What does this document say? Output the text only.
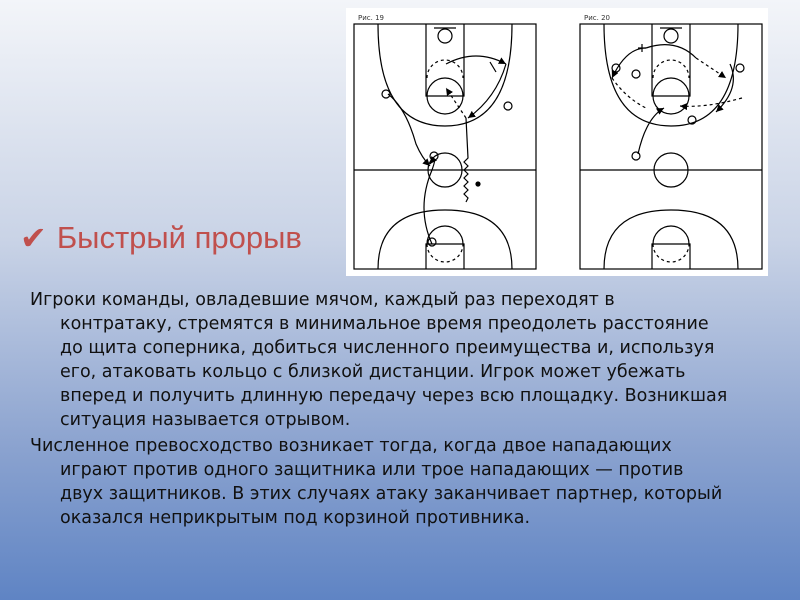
Рис. 19	Рис. 20
✔ Быстрый прорыв

Игроки команды, овладевшие мячом, каждый раз переходят в контратаку, стремятся в минимальное время преодолеть расстояние до щита соперника, добиться численного преимущества и, используя его, атаковать кольцо с близкой дистанции. Игрок может убежать вперед и получить длинную передачу через всю площадку. Возникшая ситуация называется отрывом.

Численное превосходство возникает тогда, когда двое нападающих играют против одного защитника или трое нападающих — против двух защитников. В этих случаях атаку заканчивает партнер, который оказался неприкрытым под корзиной противника.
